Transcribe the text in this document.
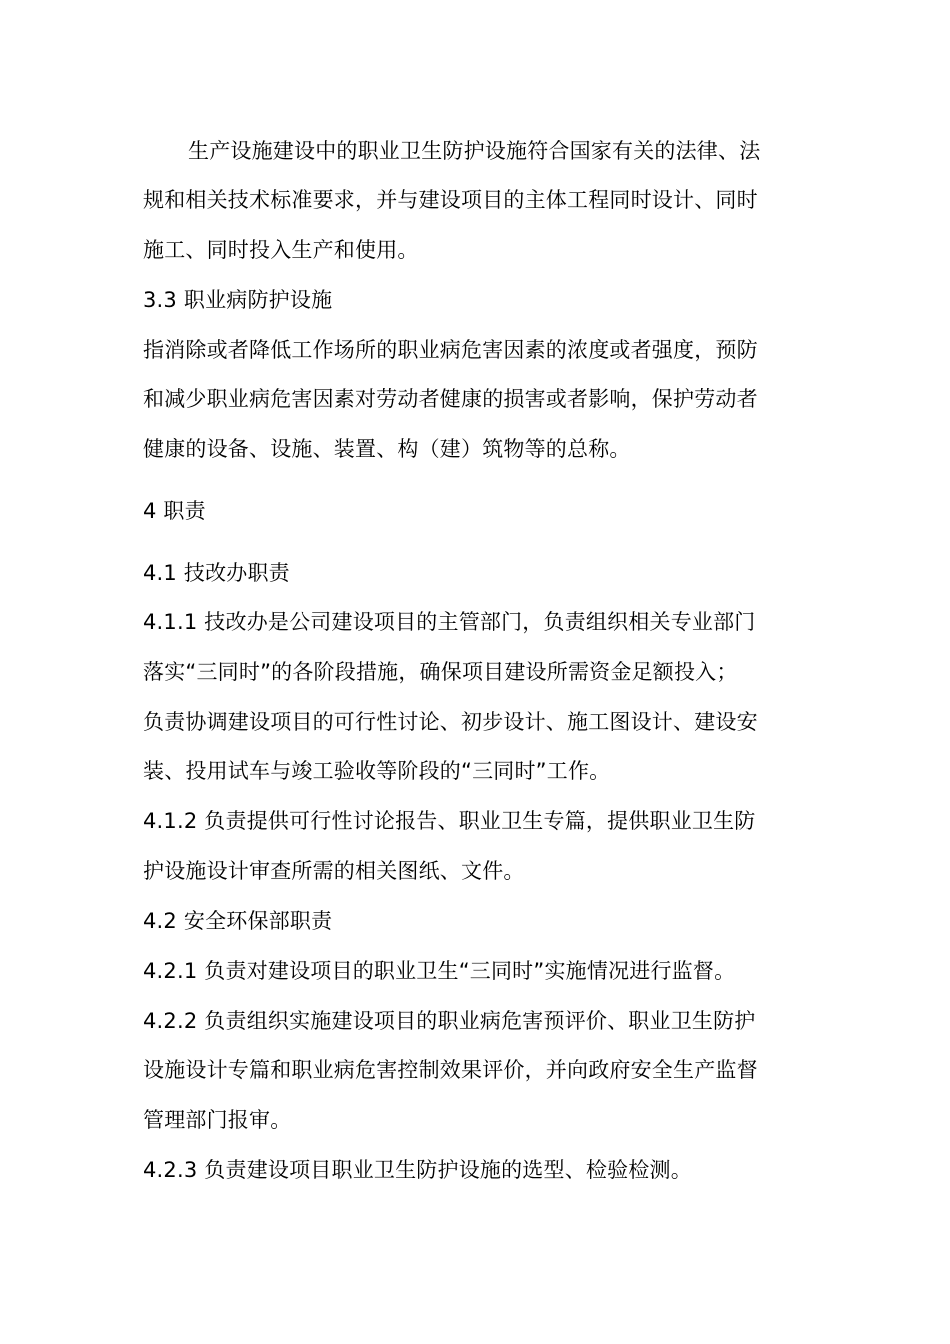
生产设施建设中的职业卫生防护设施符合国家有关的法律、法
规和相关技术标准要求，并与建设项目的主体工程同时设计、同时
施工、同时投入生产和使用。
3.3 职业病防护设施
指消除或者降低工作场所的职业病危害因素的浓度或者强度，预防
和减少职业病危害因素对劳动者健康的损害或者影响，保护劳动者
健康的设备、设施、装置、构（建）筑物等的总称。
4 职责
4.1 技改办职责
4.1.1 技改办是公司建设项目的主管部门，负责组织相关专业部门
落实“三同时”的各阶段措施，确保项目建设所需资金足额投入；
负责协调建设项目的可行性讨论、初步设计、施工图设计、建设安
装、投用试车与竣工验收等阶段的“三同时”工作。
4.1.2 负责提供可行性讨论报告、职业卫生专篇，提供职业卫生防
护设施设计审查所需的相关图纸、文件。
4.2 安全环保部职责
4.2.1 负责对建设项目的职业卫生“三同时”实施情况进行监督。
4.2.2 负责组织实施建设项目的职业病危害预评价、职业卫生防护
设施设计专篇和职业病危害控制效果评价，并向政府安全生产监督
管理部门报审。
4.2.3 负责建设项目职业卫生防护设施的选型、检验检测。
